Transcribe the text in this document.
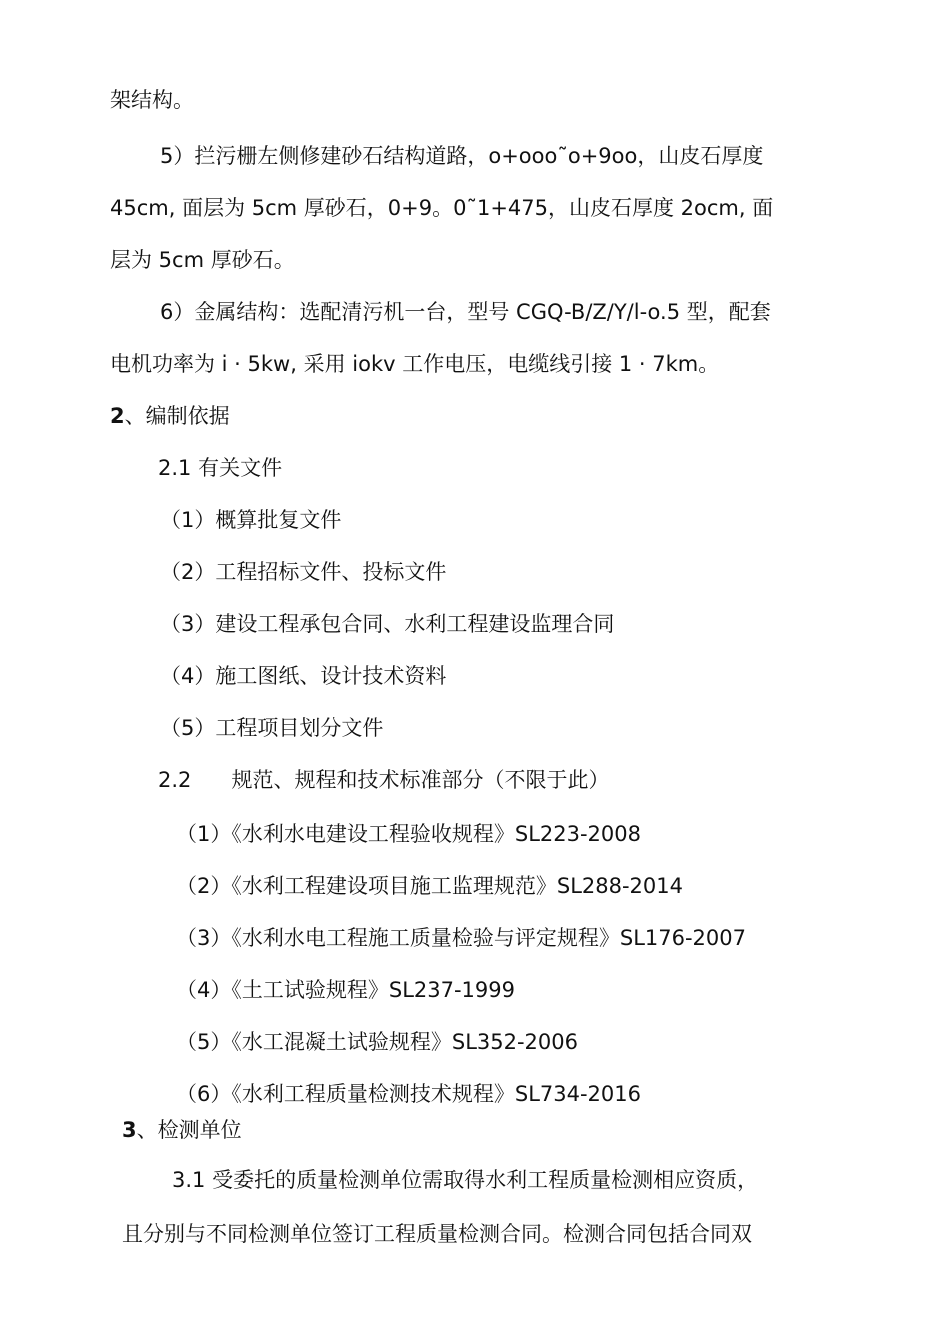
架结构。
5）拦污栅左侧修建砂石结构道路，o+ooo˜o+9oo，山皮石厚度
45cm, 面层为 5cm 厚砂石，0+9。0˜1+475，山皮石厚度 2ocm, 面
层为 5cm 厚砂石。
6）金属结构：选配清污机一台，型号 CGQ-B/Z/Y/l-o.5 型，配套
电机功率为 i · 5kw, 采用 iokv 工作电压，电缆线引接 1 · 7km。
2、编制依据
2.1 有关文件
（1）概算批复文件
（2）工程招标文件、投标文件
（3）建设工程承包合同、水利工程建设监理合同
（4）施工图纸、设计技术资料
（5）工程项目划分文件
2.2      规范、规程和技术标准部分（不限于此）
（1）《水利水电建设工程验收规程》SL223-2008
（2）《水利工程建设项目施工监理规范》SL288-2014
（3）《水利水电工程施工质量检验与评定规程》SL176-2007
（4）《土工试验规程》SL237-1999
（5）《水工混凝土试验规程》SL352-2006
（6）《水利工程质量检测技术规程》SL734-2016
3、检测单位
3.1 受委托的质量检测单位需取得水利工程质量检测相应资质，
且分别与不同检测单位签订工程质量检测合同。检测合同包括合同双
